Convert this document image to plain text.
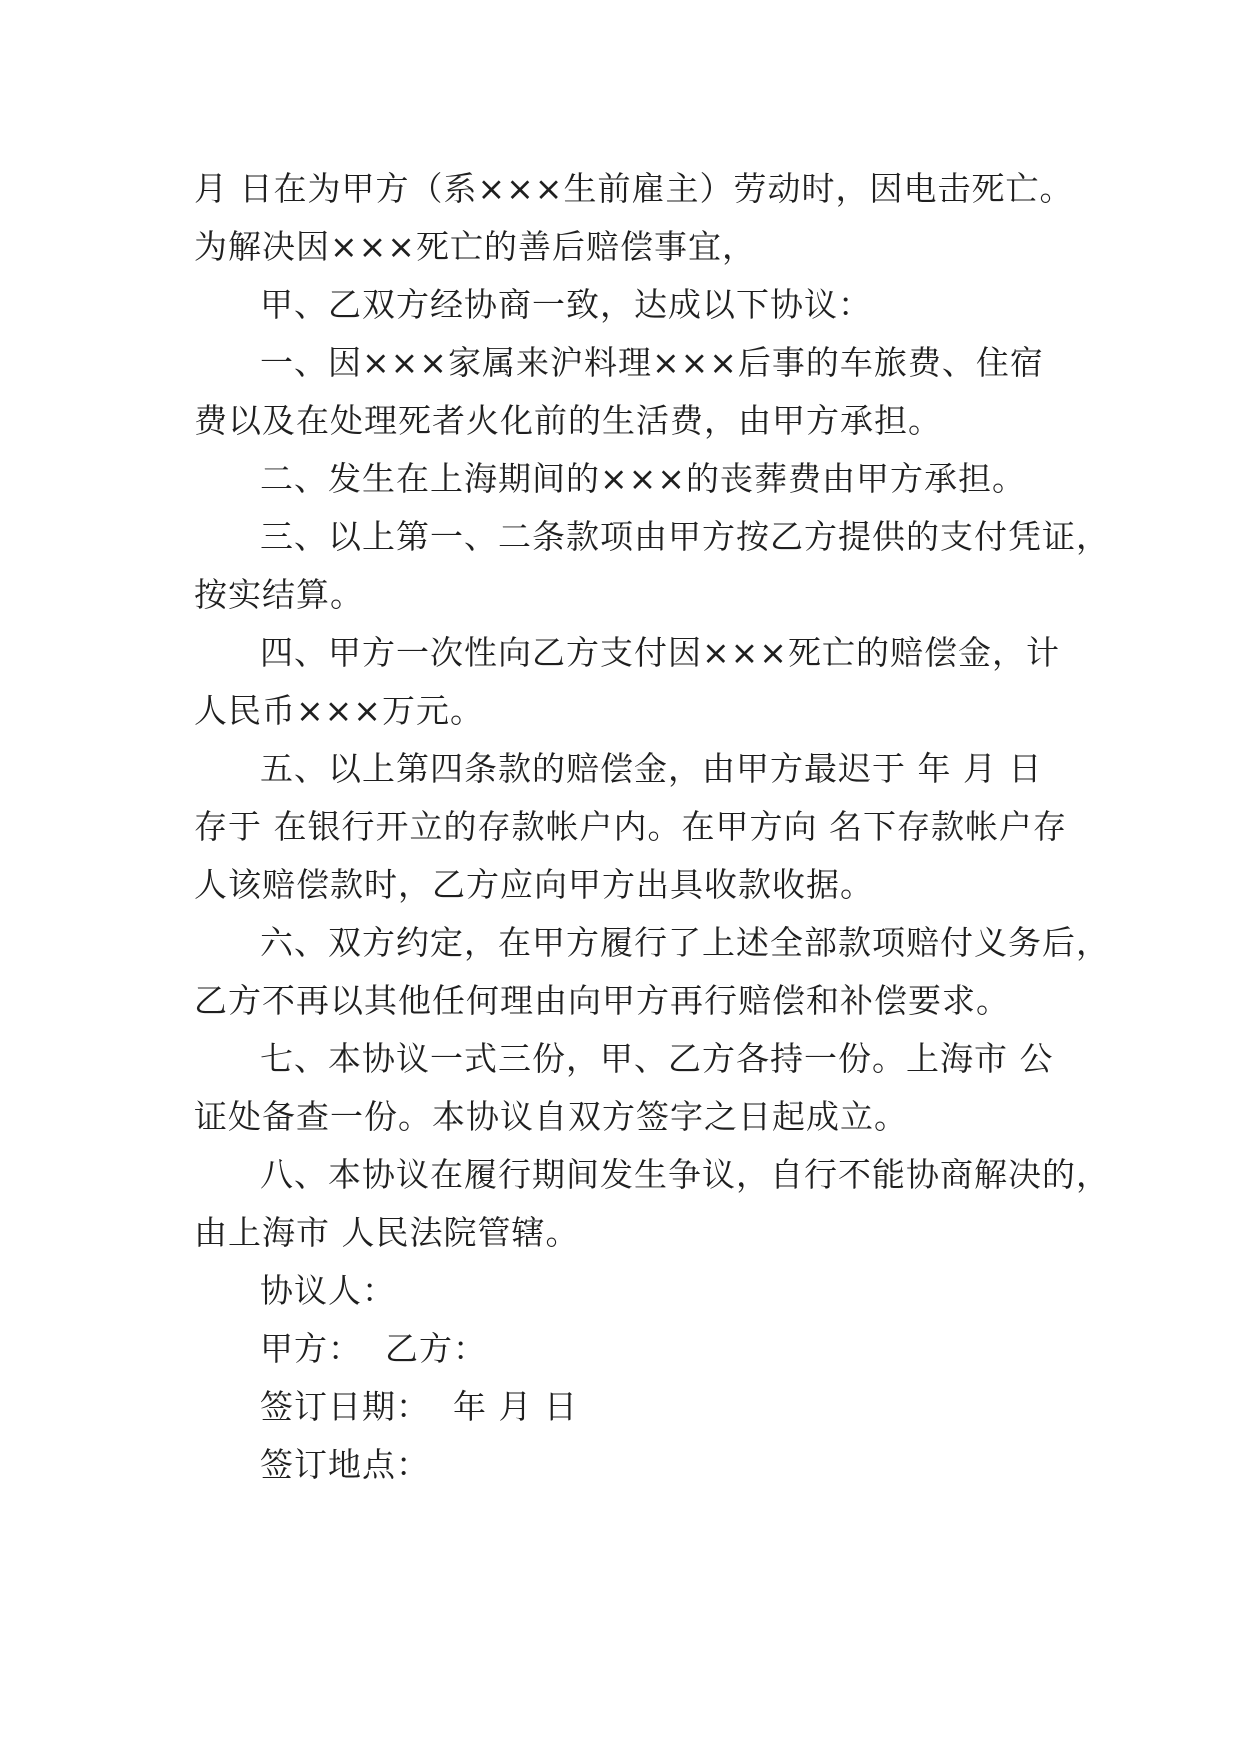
月 日在为甲方（系×××生前雇主）劳动时，因电击死亡。
为解决因×××死亡的善后赔偿事宜，
甲、乙双方经协商一致，达成以下协议：
一、因×××家属来沪料理×××后事的车旅费、住宿
费以及在处理死者火化前的生活费，由甲方承担。
二、发生在上海期间的×××的丧葬费由甲方承担。
三、以上第一、二条款项由甲方按乙方提供的支付凭证，
按实结算。
四、甲方一次性向乙方支付因×××死亡的赔偿金，计
人民币×××万元。
五、以上第四条款的赔偿金，由甲方最迟于 年 月 日
存于 在银行开立的存款帐户内。在甲方向 名下存款帐户存
人该赔偿款时，乙方应向甲方出具收款收据。
六、双方约定，在甲方履行了上述全部款项赔付义务后，
乙方不再以其他任何理由向甲方再行赔偿和补偿要求。
七、本协议一式三份，甲、乙方各持一份。上海市 公
证处备查一份。本协议自双方签字之日起成立。
八、本协议在履行期间发生争议，自行不能协商解决的，
由上海市 人民法院管辖。
协议人：
甲方：  乙方：
签订日期：  年 月 日
签订地点：
